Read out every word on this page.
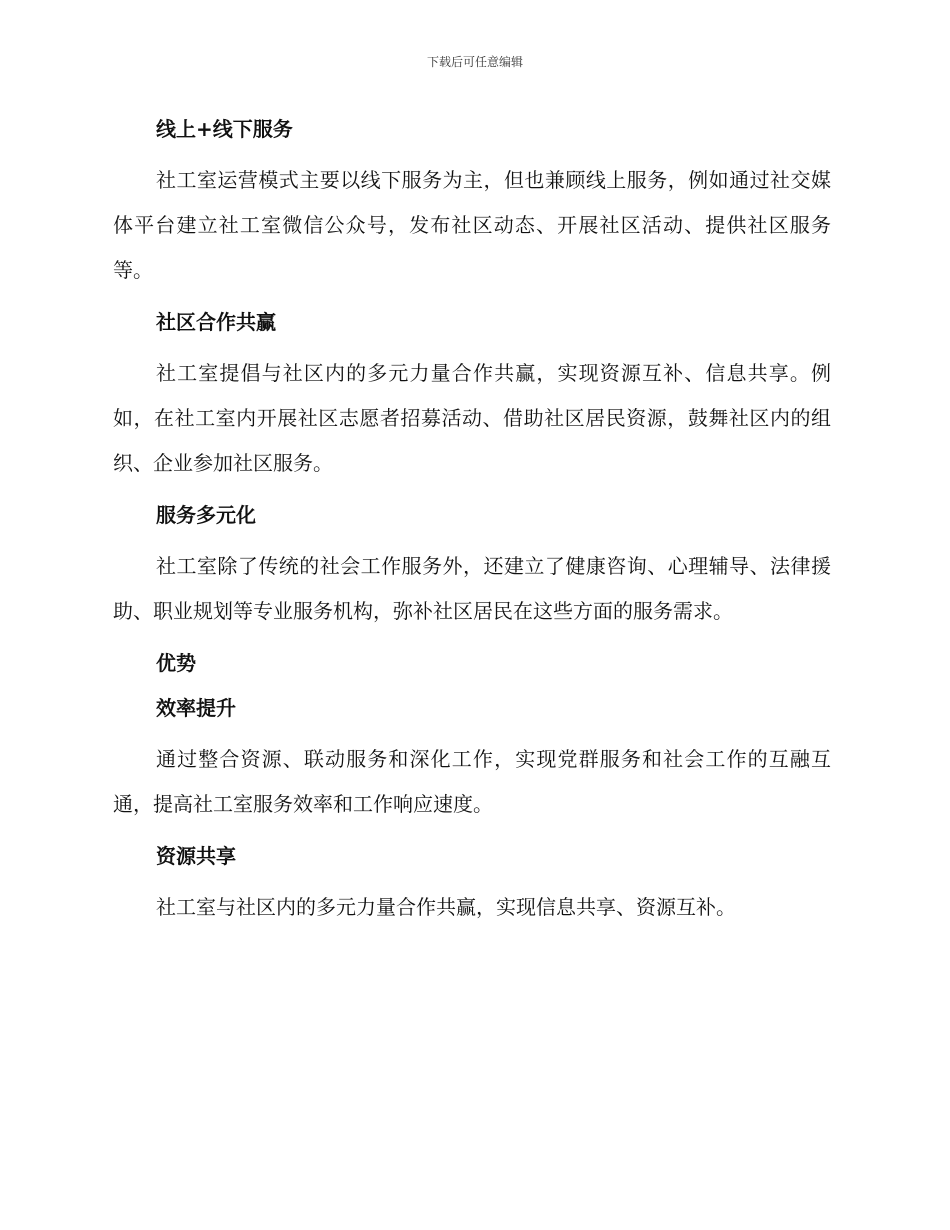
下载后可任意编辑
线上+线下服务

社工室运营模式主要以线下服务为主，但也兼顾线上服务，例如通过社交媒体平台建立社工室微信公众号，发布社区动态、开展社区活动、提供社区服务等。

社区合作共赢

社工室提倡与社区内的多元力量合作共赢，实现资源互补、信息共享。例如，在社工室内开展社区志愿者招募活动、借助社区居民资源，鼓舞社区内的组织、企业参加社区服务。

服务多元化

社工室除了传统的社会工作服务外，还建立了健康咨询、心理辅导、法律援助、职业规划等专业服务机构，弥补社区居民在这些方面的服务需求。

优势
效率提升

通过整合资源、联动服务和深化工作，实现党群服务和社会工作的互融互通，提高社工室服务效率和工作响应速度。

资源共享

社工室与社区内的多元力量合作共赢，实现信息共享、资源互补。
